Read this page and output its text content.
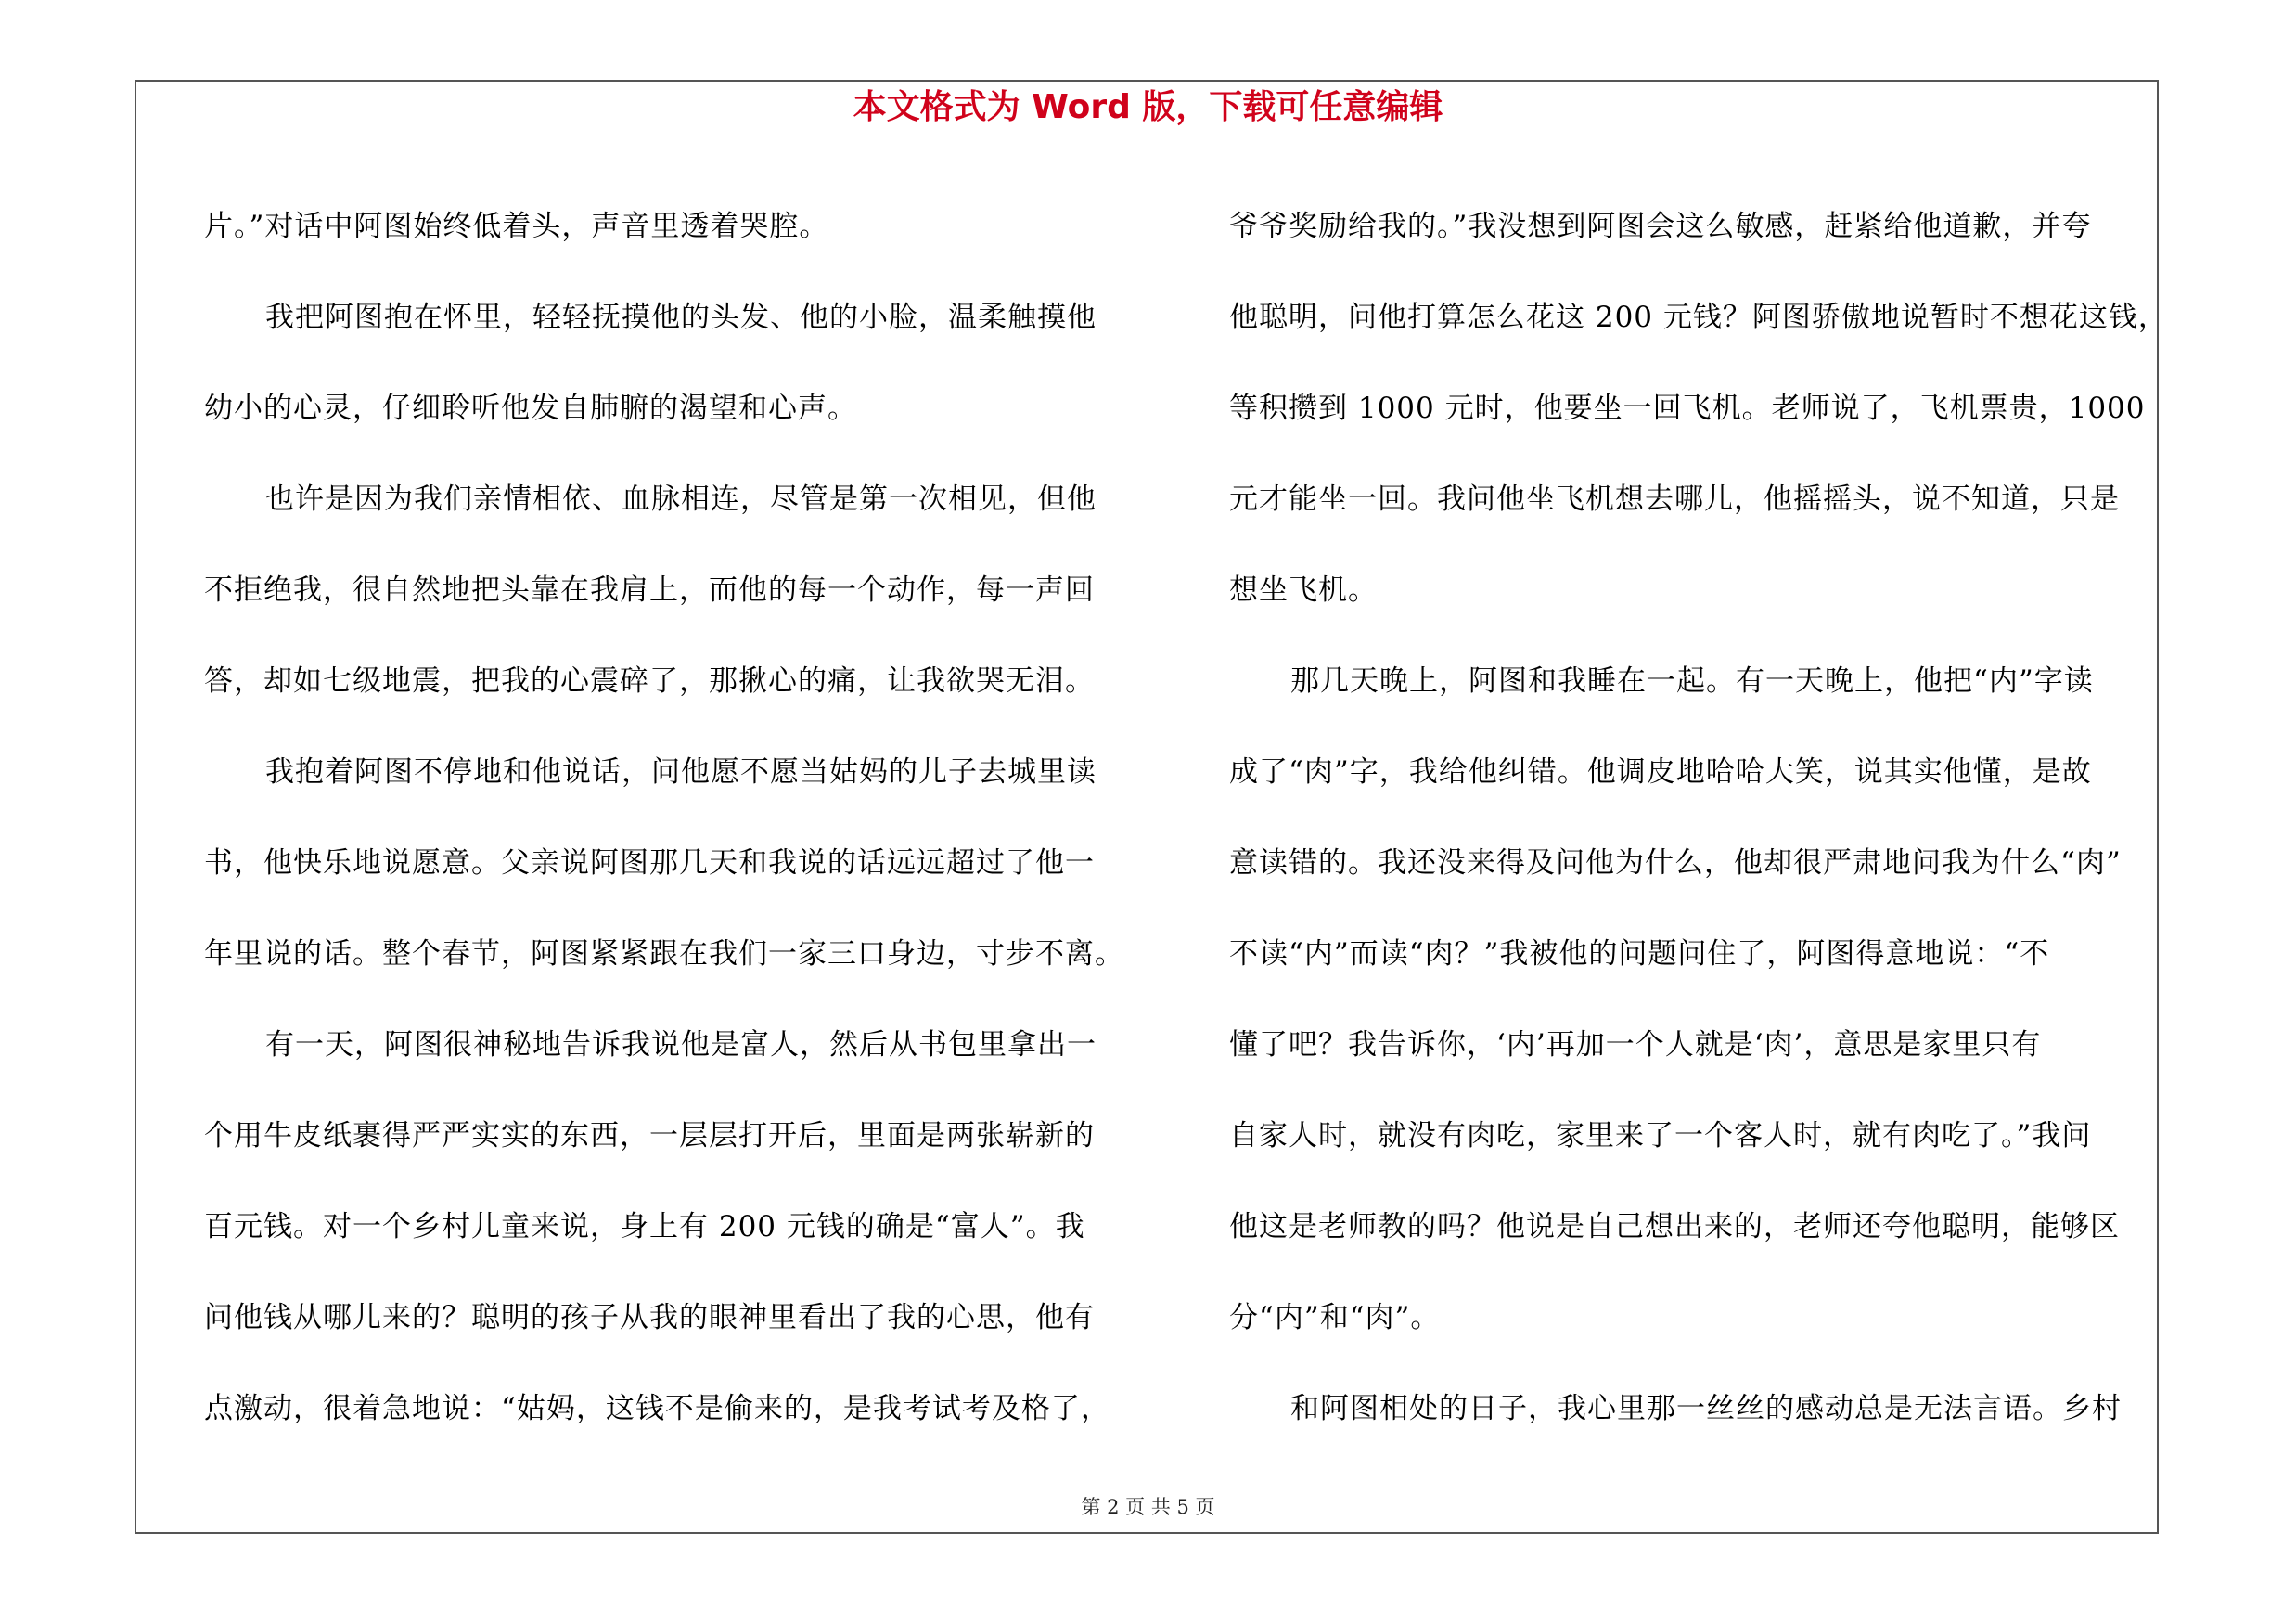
本文格式为 Word 版，下载可任意编辑
片。”对话中阿图始终低着头，声音里透着哭腔。
我把阿图抱在怀里，轻轻抚摸他的头发、他的小脸，温柔触摸他
幼小的心灵，仔细聆听他发自肺腑的渴望和心声。
也许是因为我们亲情相依、血脉相连，尽管是第一次相见，但他
不拒绝我，很自然地把头靠在我肩上，而他的每一个动作，每一声回
答，却如七级地震，把我的心震碎了，那揪心的痛，让我欲哭无泪。
我抱着阿图不停地和他说话，问他愿不愿当姑妈的儿子去城里读
书，他快乐地说愿意。父亲说阿图那几天和我说的话远远超过了他一
年里说的话。整个春节，阿图紧紧跟在我们一家三口身边，寸步不离。
有一天，阿图很神秘地告诉我说他是富人，然后从书包里拿出一
个用牛皮纸裹得严严实实的东西，一层层打开后，里面是两张崭新的
百元钱。对一个乡村儿童来说，身上有 200 元钱的确是“富人”。我
问他钱从哪儿来的？聪明的孩子从我的眼神里看出了我的心思，他有
点激动，很着急地说：“姑妈，这钱不是偷来的，是我考试考及格了，
爷爷奖励给我的。”我没想到阿图会这么敏感，赶紧给他道歉，并夸
他聪明，问他打算怎么花这 200 元钱？阿图骄傲地说暂时不想花这钱，
等积攒到 1000 元时，他要坐一回飞机。老师说了，飞机票贵，1000
元才能坐一回。我问他坐飞机想去哪儿，他摇摇头，说不知道，只是
想坐飞机。
那几天晚上，阿图和我睡在一起。有一天晚上，他把“内”字读
成了“肉”字，我给他纠错。他调皮地哈哈大笑，说其实他懂，是故
意读错的。我还没来得及问他为什么，他却很严肃地问我为什么“肉”
不读“内”而读“肉？”我被他的问题问住了，阿图得意地说：“不
懂了吧？我告诉你，‘内’再加一个人就是‘肉’，意思是家里只有
自家人时，就没有肉吃，家里来了一个客人时，就有肉吃了。”我问
他这是老师教的吗？他说是自己想出来的，老师还夸他聪明，能够区
分“内”和“肉”。
和阿图相处的日子，我心里那一丝丝的感动总是无法言语。乡村
第 2 页 共 5 页
